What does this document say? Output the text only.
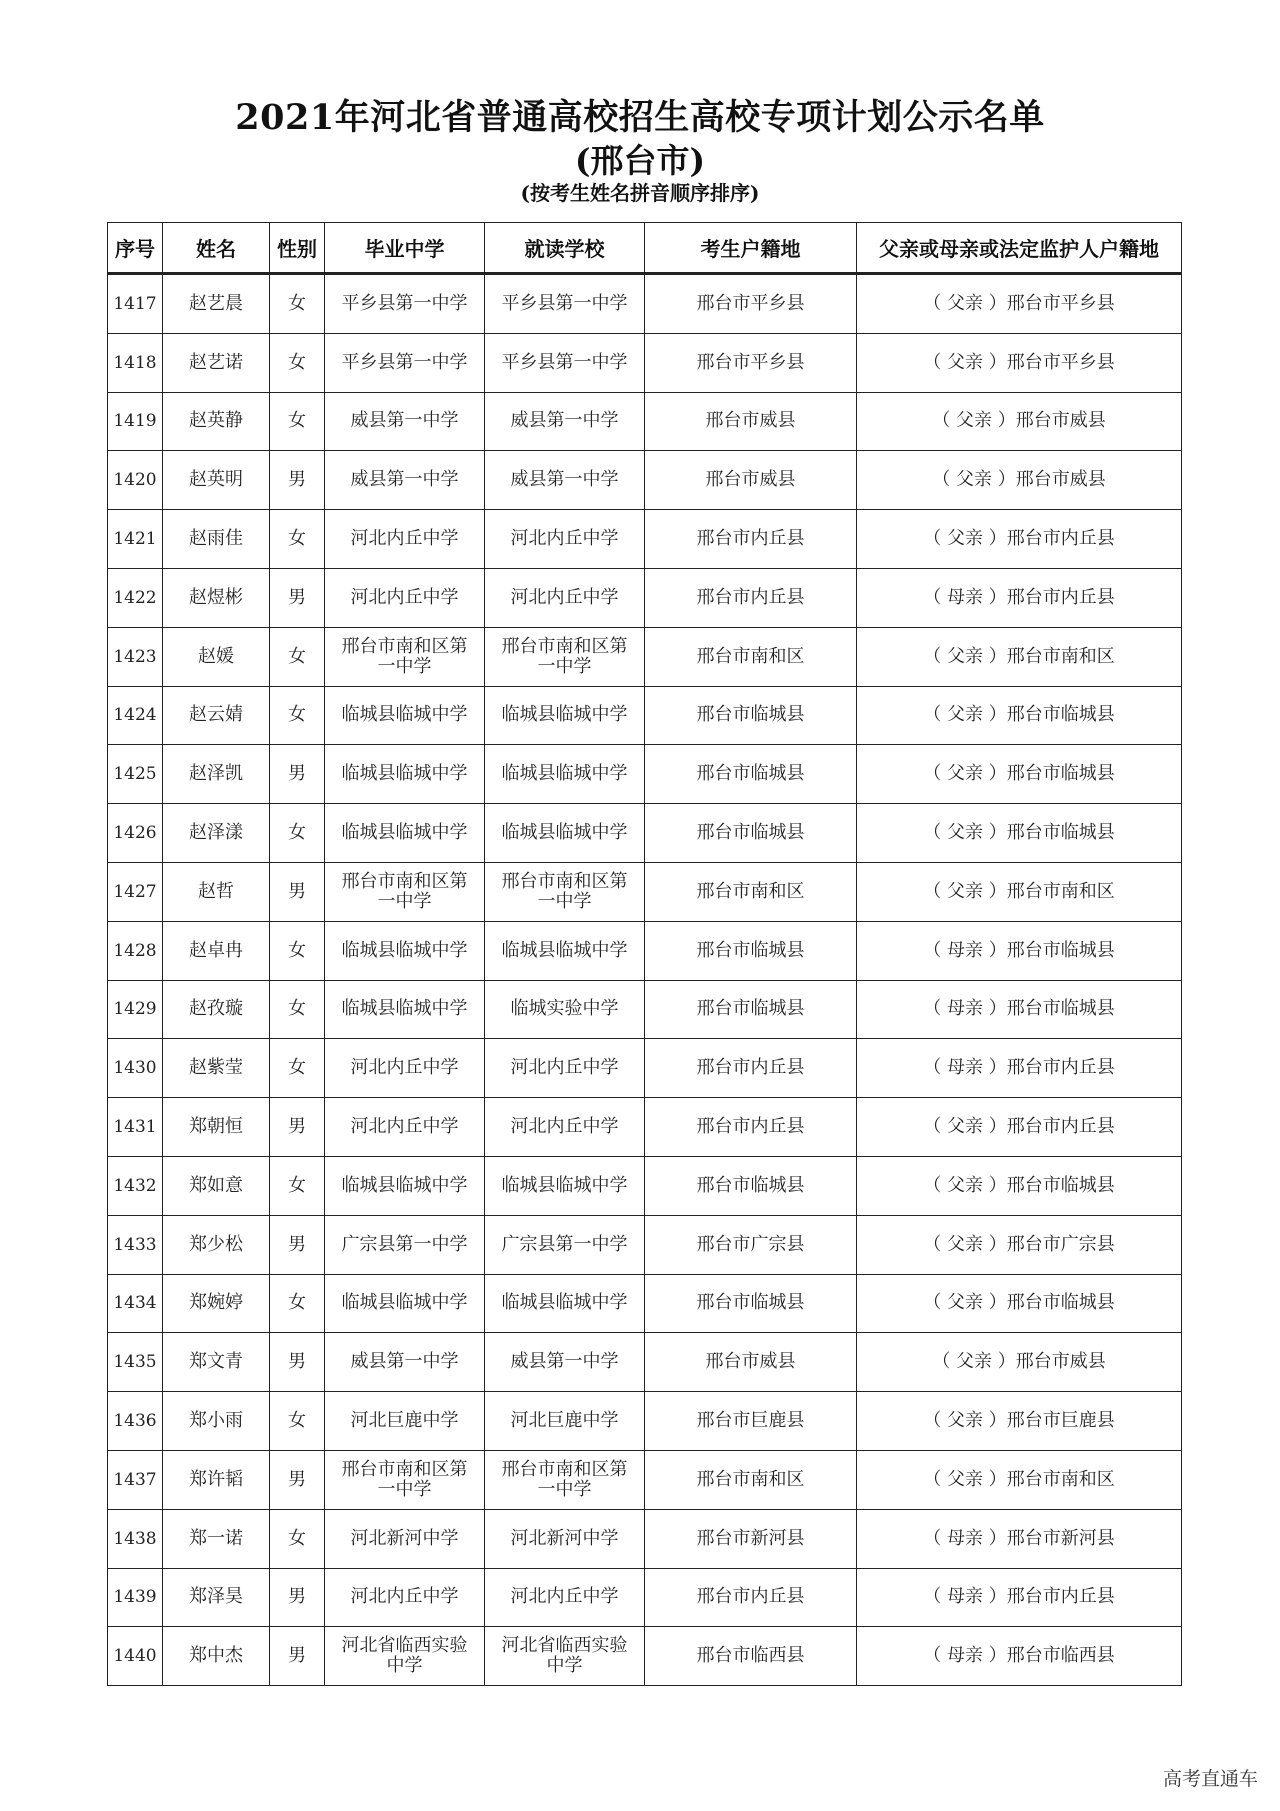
2021年河北省普通高校招生高校专项计划公示名单
(邢台市)
(按考生姓名拼音顺序排序)
序号	姓名	性别	毕业中学	就读学校	考生户籍地	父亲或母亲或法定监护人户籍地
1417	赵艺晨	女	平乡县第一中学	平乡县第一中学	邢台市平乡县	（ 父亲 ）邢台市平乡县
1418	赵艺诺	女	平乡县第一中学	平乡县第一中学	邢台市平乡县	（ 父亲 ）邢台市平乡县
1419	赵英静	女	威县第一中学	威县第一中学	邢台市威县	（ 父亲 ）邢台市威县
1420	赵英明	男	威县第一中学	威县第一中学	邢台市威县	（ 父亲 ）邢台市威县
1421	赵雨佳	女	河北内丘中学	河北内丘中学	邢台市内丘县	（ 父亲 ）邢台市内丘县
1422	赵煜彬	男	河北内丘中学	河北内丘中学	邢台市内丘县	（ 母亲 ）邢台市内丘县
1423	赵媛	女	邢台市南和区第一中学	邢台市南和区第一中学	邢台市南和区	（ 父亲 ）邢台市南和区
1424	赵云婧	女	临城县临城中学	临城县临城中学	邢台市临城县	（ 父亲 ）邢台市临城县
1425	赵泽凯	男	临城县临城中学	临城县临城中学	邢台市临城县	（ 父亲 ）邢台市临城县
1426	赵泽漾	女	临城县临城中学	临城县临城中学	邢台市临城县	（ 父亲 ）邢台市临城县
1427	赵哲	男	邢台市南和区第一中学	邢台市南和区第一中学	邢台市南和区	（ 父亲 ）邢台市南和区
1428	赵卓冉	女	临城县临城中学	临城县临城中学	邢台市临城县	（ 母亲 ）邢台市临城县
1429	赵孜璇	女	临城县临城中学	临城实验中学	邢台市临城县	（ 母亲 ）邢台市临城县
1430	赵紫莹	女	河北内丘中学	河北内丘中学	邢台市内丘县	（ 母亲 ）邢台市内丘县
1431	郑朝恒	男	河北内丘中学	河北内丘中学	邢台市内丘县	（ 父亲 ）邢台市内丘县
1432	郑如意	女	临城县临城中学	临城县临城中学	邢台市临城县	（ 父亲 ）邢台市临城县
1433	郑少松	男	广宗县第一中学	广宗县第一中学	邢台市广宗县	（ 父亲 ）邢台市广宗县
1434	郑婉婷	女	临城县临城中学	临城县临城中学	邢台市临城县	（ 父亲 ）邢台市临城县
1435	郑文青	男	威县第一中学	威县第一中学	邢台市威县	（ 父亲 ）邢台市威县
1436	郑小雨	女	河北巨鹿中学	河北巨鹿中学	邢台市巨鹿县	（ 父亲 ）邢台市巨鹿县
1437	郑许韬	男	邢台市南和区第一中学	邢台市南和区第一中学	邢台市南和区	（ 父亲 ）邢台市南和区
1438	郑一诺	女	河北新河中学	河北新河中学	邢台市新河县	（ 母亲 ）邢台市新河县
1439	郑泽昊	男	河北内丘中学	河北内丘中学	邢台市内丘县	（ 母亲 ）邢台市内丘县
1440	郑中杰	男	河北省临西实验中学	河北省临西实验中学	邢台市临西县	（ 母亲 ）邢台市临西县
高考直通车
